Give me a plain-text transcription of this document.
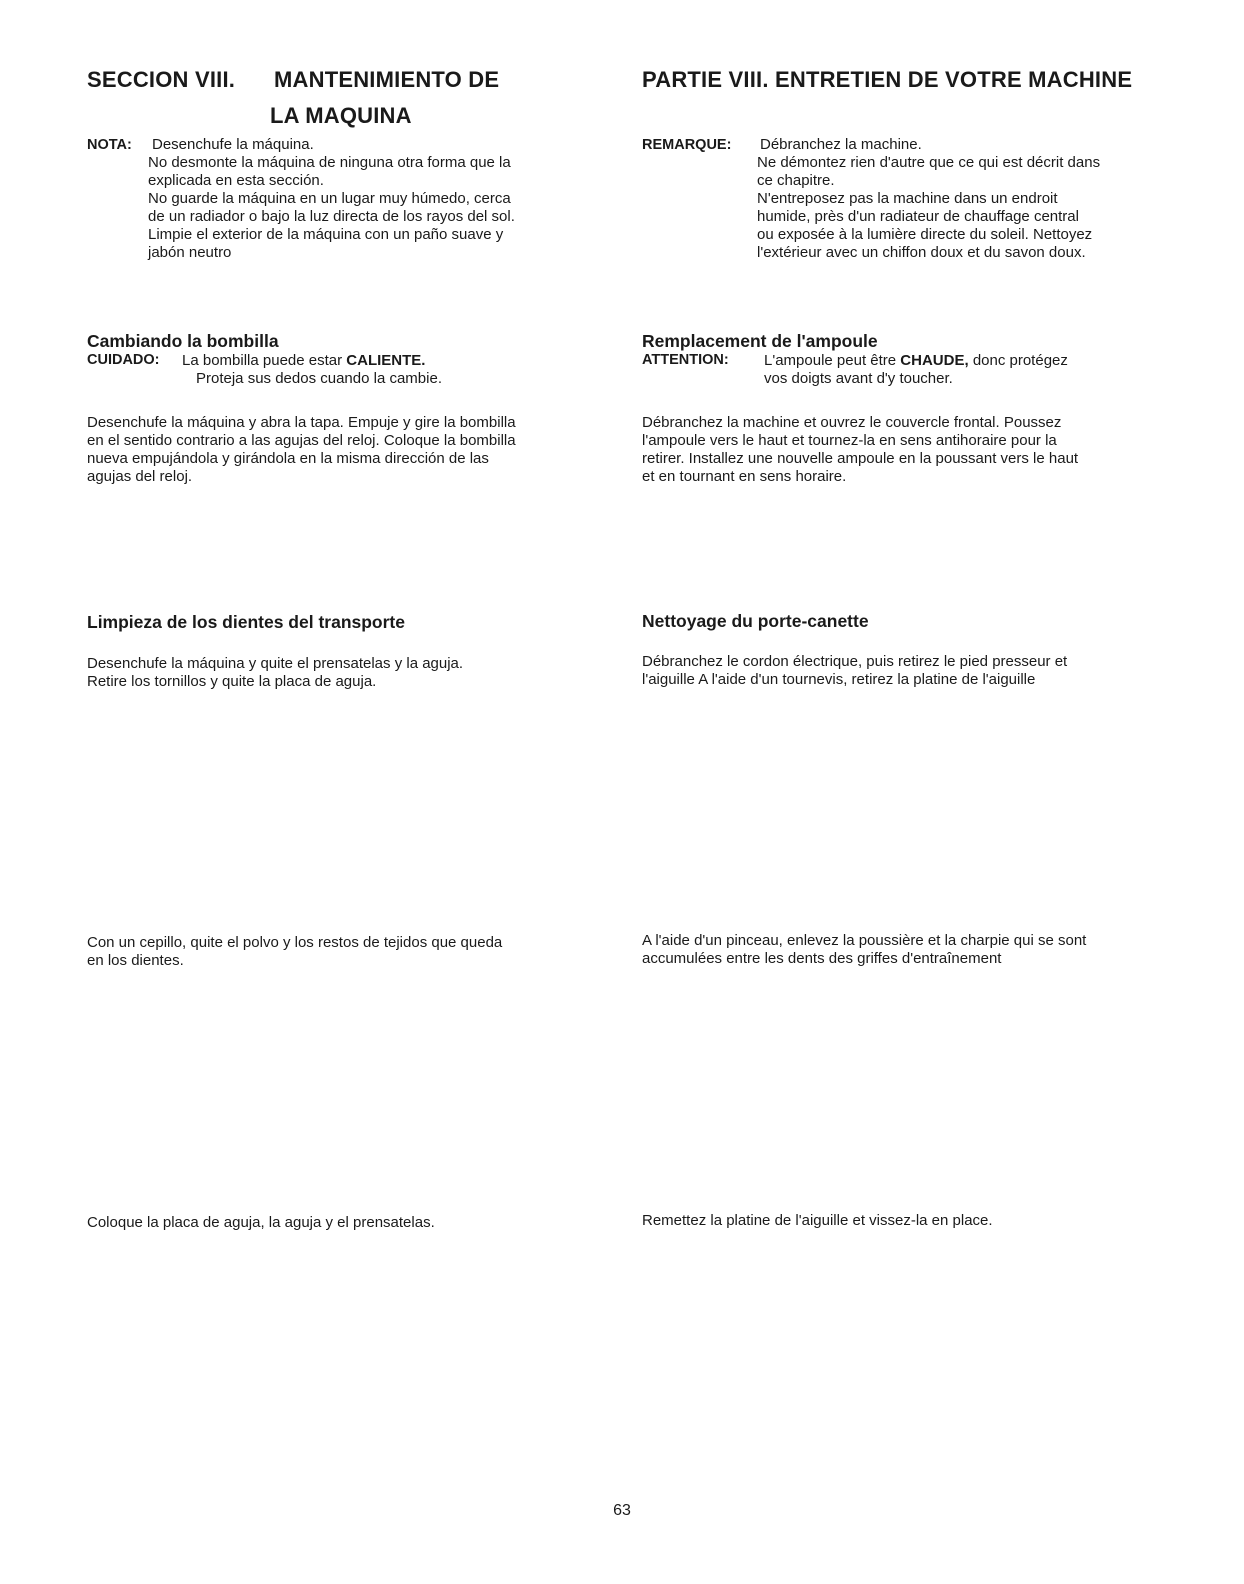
SECCION VIII. MANTENIMIENTO DE
LA MAQUINA
NOTA: Desenchufe la máquina.
No desmonte la máquina de ninguna otra forma que la
explicada en esta sección.
No guarde la máquina en un lugar muy húmedo, cerca
de un radiador o bajo la luz directa de los rayos del sol.
Limpie el exterior de la máquina con un paño suave y
jabón neutro
Cambiando la bombilla
CUIDADO: La bombilla puede estar CALIENTE.
Proteja sus dedos cuando la cambie.
Desenchufe la máquina y abra la tapa. Empuje y gire la bombilla
en el sentido contrario a las agujas del reloj. Coloque la bombilla
nueva empujándola y girándola en la misma dirección de las
agujas del reloj.
Limpieza de los dientes del transporte
Desenchufe la máquina y quite el prensatelas y la aguja.
Retire los tornillos y quite la placa de aguja.
Con un cepillo, quite el polvo y los restos de tejidos que queda
en los dientes.
Coloque la placa de aguja, la aguja y el prensatelas.
PARTIE VIII. ENTRETIEN DE VOTRE MACHINE
REMARQUE: Débranchez la machine.
Ne démontez rien d'autre que ce qui est décrit dans
ce chapitre.
N'entreposez pas la machine dans un endroit
humide, près d'un radiateur de chauffage central
ou exposée à la lumière directe du soleil. Nettoyez
l'extérieur avec un chiffon doux et du savon doux.
Remplacement de l'ampoule
ATTENTION: L'ampoule peut être CHAUDE, donc protégez
vos doigts avant d'y toucher.
Débranchez la machine et ouvrez le couvercle frontal. Poussez
l'ampoule vers le haut et tournez-la en sens antihoraire pour la
retirer. Installez une nouvelle ampoule en la poussant vers le haut
et en tournant en sens horaire.
Nettoyage du porte-canette
Débranchez le cordon électrique, puis retirez le pied presseur et
l'aiguille A l'aide d'un tournevis, retirez la platine de l'aiguille
A l'aide d'un pinceau, enlevez la poussière et la charpie qui se sont
accumulées entre les dents des griffes d'entraînement
Remettez la platine de l'aiguille et vissez-la en place.
63
